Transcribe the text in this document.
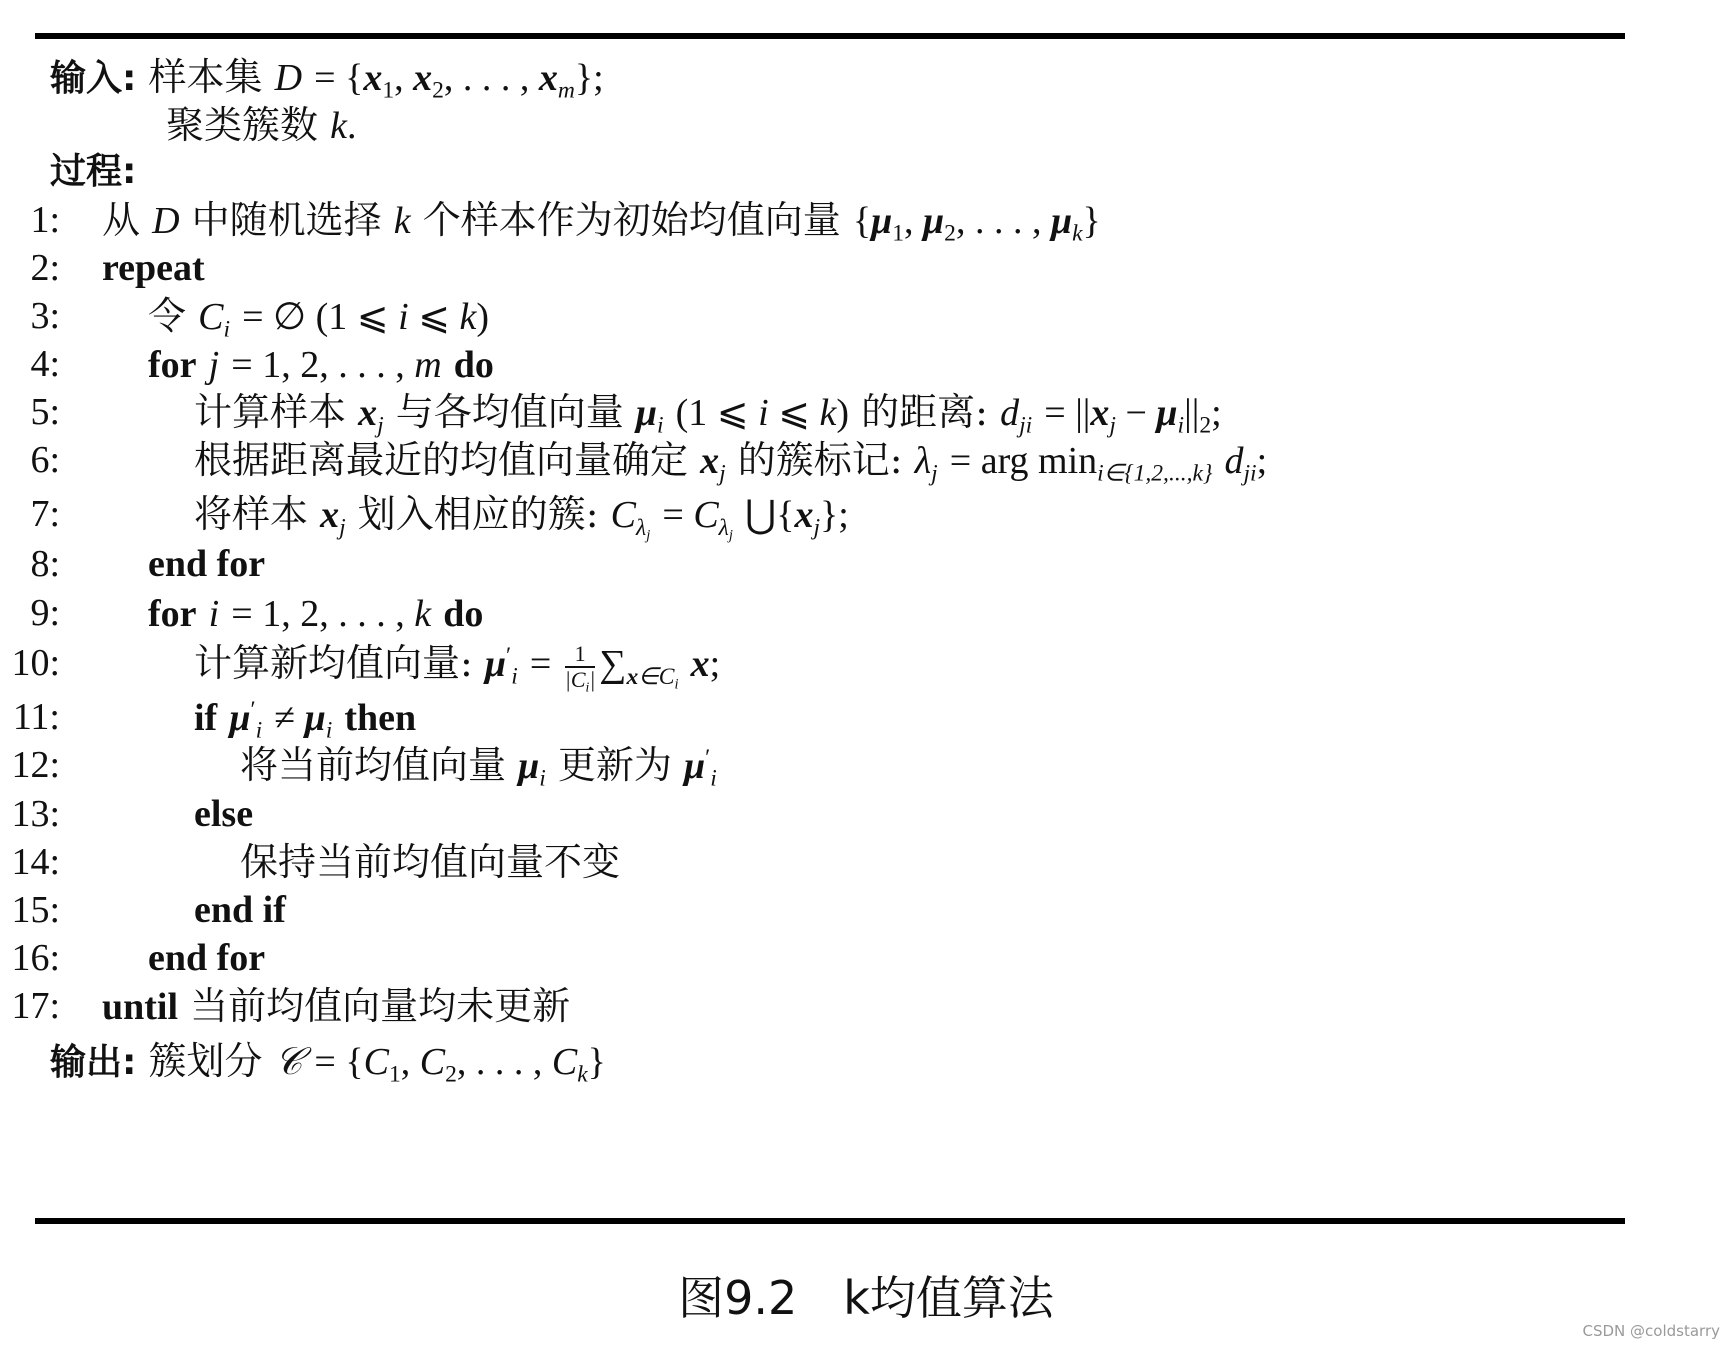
输入: 样本集 $D = \{x_1$, $x_2$, . . . , $x_m$};
聚类簇数 k.
过程:
1: 从 D 中随机选择 k 个样本作为初始均值向量 {$\mu_1$, $\mu_2$, . . . , $\mu_k$}
2: repeat
3: 令 $C_i$ = ∅ (1 ⩽ i ⩽ k)
4: for j = 1, 2, . . . , m do
5:	计算样本 $x_j$ 与各均值向量 $\mu_i$ (1 ⩽ i ⩽ k) 的距离: $d_{ji} = ||x_j - \mu_i||_2$;
6:	根据距离最近的均值向量确定 $x_j$ 的簇标记: $\lambda_j$ = arg $\min_{i\in\{1,2,...,k\}} d_{ji}$;
7:	将样本 $x_j$ 划入相应的簇: $C_{\lambda_j} = C_{\lambda_j}$ $⋃\{x_j\}$;
8: end for
9: for i = 1, 2, . . . , k do
10:	计算新均值向量: $\mu'_i = \frac{1}{|C_i|} \sum_{x\in C_i}$ x;
11:	if $\mu'_i \ne \mu_i$ then
12:	将当前均值向量 $\mu_i$ 更新为 $\mu'_i$
13:	else
14:	保持当前均值向量不变
15:	end if
16: end for
17: until 当前均值向量均未更新
输出: 簇划分 𝒞 = {$C_1$, $C_2$, . . . , $C_k$}
图9.2　k均值算法
CSDN @coldstarry
